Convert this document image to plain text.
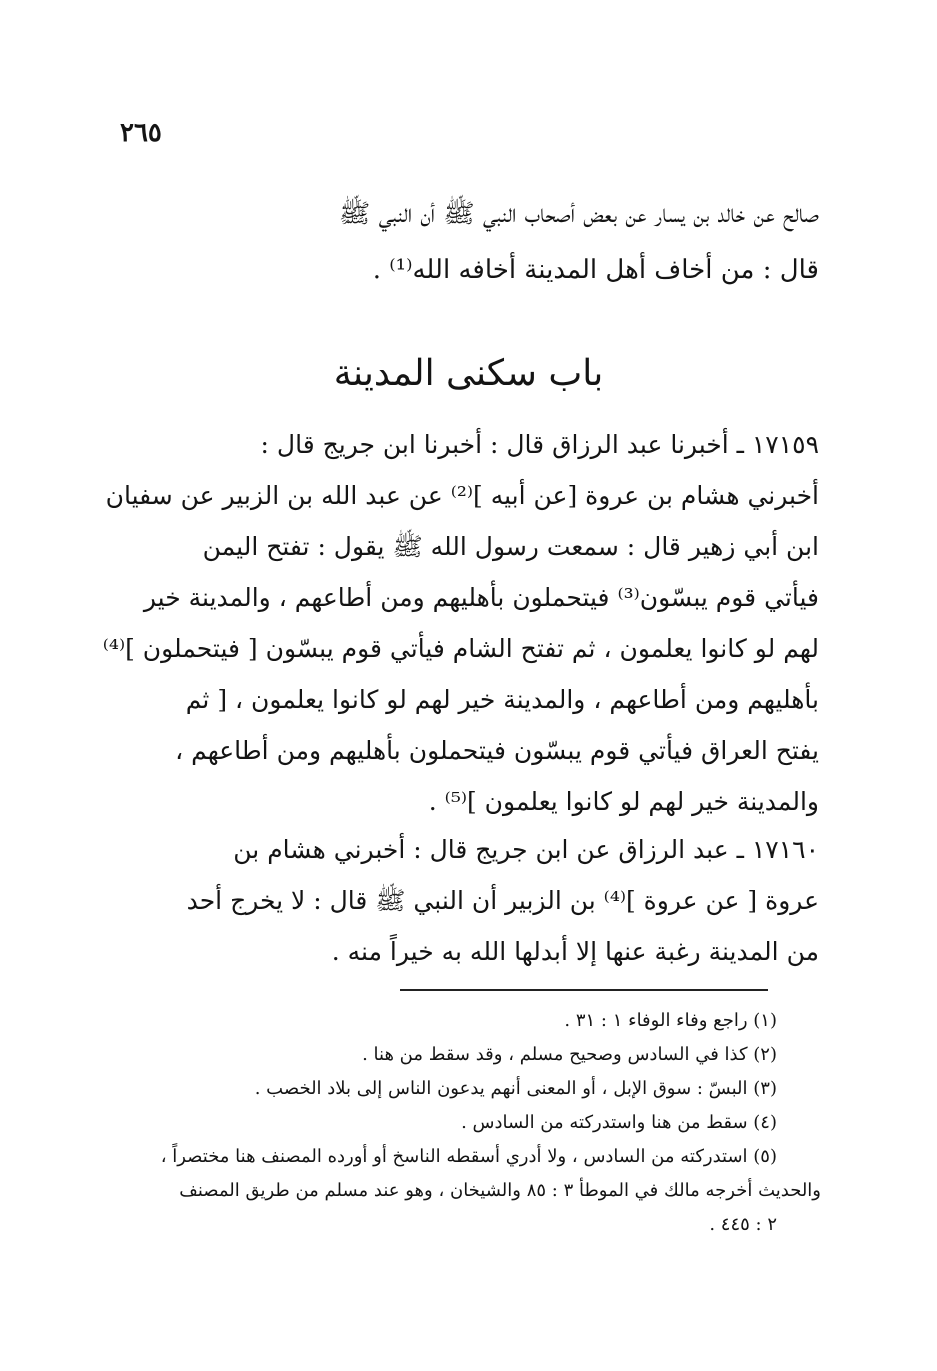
٢٦٥
صالح عن خالد بن يسار عن بعض أصحاب النبي ﷺ أن النبي ﷺ
قال : من أخاف أهل المدينة أخافه الله⁽¹⁾ .
باب سكنى المدينة
١٧١٥٩ ـ أخبرنا عبد الرزاق قال : أخبرنا ابن جريج قال :
أخبرني هشام بن عروة [عن أبيه ]⁽²⁾ عن عبد الله بن الزبير عن سفيان
ابن أبي زهير قال : سمعت رسول الله ﷺ يقول : تفتح اليمن
فيأتي قوم يبسّون⁽³⁾ فيتحملون بأهليهم ومن أطاعهم ، والمدينة خير
لهم لو كانوا يعلمون ، ثم تفتح الشام فيأتي قوم يبسّون [ فيتحملون ]⁽⁴⁾
بأهليهم ومن أطاعهم ، والمدينة خير لهم لو كانوا يعلمون ، [ ثم
يفتح العراق فيأتي قوم يبسّون فيتحملون بأهليهم ومن أطاعهم ،
والمدينة خير لهم لو كانوا يعلمون ]⁽⁵⁾ .
١٧١٦٠ ـ عبد الرزاق عن ابن جريج قال : أخبرني هشام بن
عروة [ عن عروة ]⁽⁴⁾ بن الزبير أن النبي ﷺ قال : لا يخرج أحد
من المدينة رغبة عنها إلا أبدلها الله به خيراً منه .
(١) راجع وفاء الوفاء ١ : ٣١ .
(٢) كذا في السادس وصحيح مسلم ، وقد سقط من هنا .
(٣) البسّ : سوق الإبل ، أو المعنى أنهم يدعون الناس إلى بلاد الخصب .
(٤) سقط من هنا واستدركته من السادس .
(٥) استدركته من السادس ، ولا أدري أسقطه الناسخ أو أورده المصنف هنا مختصراً ،
والحديث أخرجه مالك في الموطأ ٣ : ٨٥ والشيخان ، وهو عند مسلم من طريق المصنف
٢ : ٤٤٥ .
